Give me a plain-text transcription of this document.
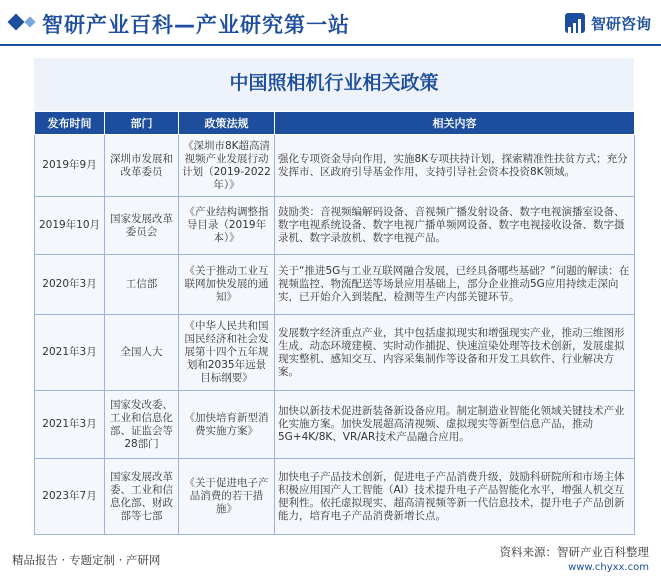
智研产业百科—产业研究第一站	智研咨询
中国照相机行业相关政策
发布时间	部门	政策法规	相关内容
2019年9月	深圳市发展和改革委员	《深圳市8K超高清视频产业发展行动计划（2019-2022年）》	强化专项资金导向作用，实施8K专项扶持计划，探索精准性扶贫方式；充分发挥市、区政府引导基金作用，支持引导社会资本投资8K领域。
2019年10月	国家发展改革委员会	《产业结构调整指导目录（2019年本）》	鼓励类：音视频编解码设备、音视频广播发射设备、数字电视演播室设备、数字电视系统设备、数字电视广播单频网设备、数字电视接收设备、数字摄录机、数字录放机、数字电视产品。
2020年3月	工信部	《关于推动工业互联网加快发展的通知》	关于“推进5G与工业互联网融合发展，已经具备哪些基础？”问题的解读：在视频监控、物流配送等场景应用基础上，部分企业推动5G应用持续走深向实，已开始介入到装配、检测等生产内部关键环节。
2021年3月	全国人大	《中华人民共和国国民经济和社会发展第十四个五年规划和2035年远景目标纲要》	发展数字经济重点产业，其中包括虚拟现实和增强现实产业，推动三维图形生成、动态环境建模、实时动作捕捉、快速渲染处理等技术创新，发展虚拟现实整机、感知交互、内容采集制作等设备和开发工具软件、行业解决方案。
2021年3月	国家发改委、工业和信息化部、证监会等28部门	《加快培育新型消费实施方案》	加快以新技术促进新装备新设备应用。制定制造业智能化领域关键技术产业化实施方案。加快发展超高清视频、虚拟现实等新型信息产品，推动5G+4K/8K、VR/AR技术产品融合应用。
2023年7月	国家发展改革委、工业和信息化部、财政部等七部	《关于促进电子产品消费的若干措施》	加快电子产品技术创新，促进电子产品消费升级，鼓励科研院所和市场主体积极应用国产人工智能（AI）技术提升电子产品智能化水平，增强人机交互便利性。依托虚拟现实、超高清视频等新一代信息技术，提升电子产品创新能力，培育电子产品消费新增长点。
精品报告 · 专题定制 · 产研网
资料来源：智研产业百科整理
www.chyxx.com
